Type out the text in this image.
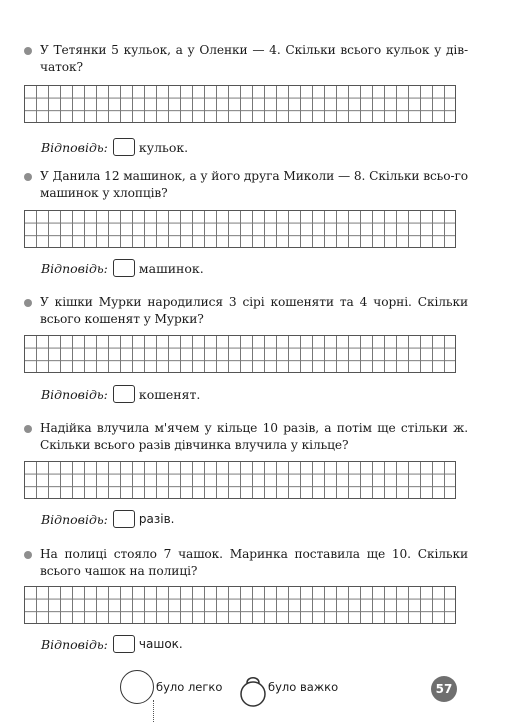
У Тетянки 5 кульок, а у Оленки — 4. Скільки всього кульок у дів-чаток?
Відповідь: кульок.
У Данила 12 машинок, а у його друга Миколи — 8. Скільки всьо-го машинок у хлопців?
Відповідь: машинок.
У кішки Мурки народилися 3 сірі кошеняти та 4 чорні. Скільки всього кошенят у Мурки?
Відповідь: кошенят.
Надійка влучила м'ячем у кільце 10 разів, а потім ще стільки ж. Скільки всього разів дівчинка влучила у кільце?
Відповідь:	разів.
На полиці стояло 7 чашок. Маринка поставила ще 10. Скільки всього чашок на полиці?
Відповідь:	чашок.
було легко	було важко	57
